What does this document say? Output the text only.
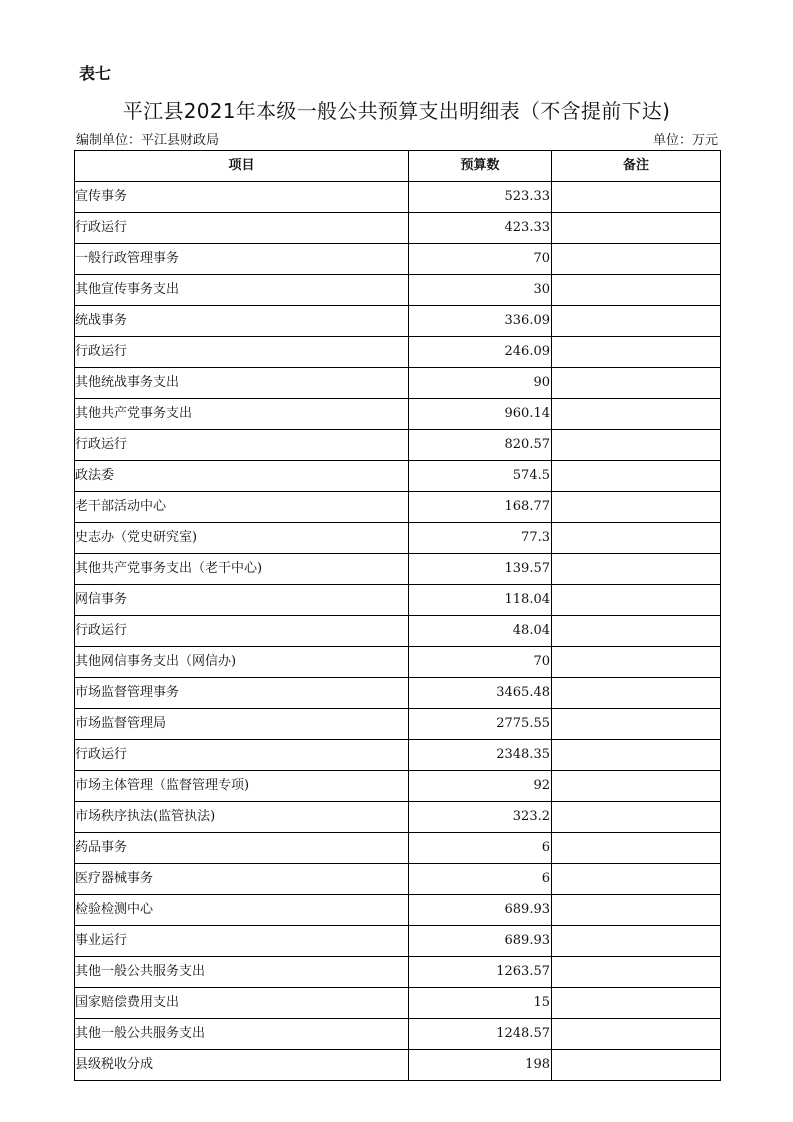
表七
平江县2021年本级一般公共预算支出明细表（不含提前下达)
编制单位：平江县财政局	单位：万元
项目	预算数	备注
宣传事务	523.33	
行政运行	423.33	
一般行政管理事务	70	
其他宣传事务支出	30	
统战事务	336.09	
行政运行	246.09	
其他统战事务支出	90	
其他共产党事务支出	960.14	
行政运行	820.57	
政法委	574.5	
老干部活动中心	168.77	
史志办（党史研究室)	77.3	
其他共产党事务支出（老干中心)	139.57	
网信事务	118.04	
行政运行	48.04	
其他网信事务支出（网信办)	70	
市场监督管理事务	3465.48	
市场监督管理局	2775.55	
行政运行	2348.35	
市场主体管理（监督管理专项)	92	
市场秩序执法(监管执法)	323.2	
药品事务	6	
医疗器械事务	6	
检验检测中心	689.93	
事业运行	689.93	
其他一般公共服务支出	1263.57	
国家赔偿费用支出	15	
其他一般公共服务支出	1248.57	
县级税收分成	198	
